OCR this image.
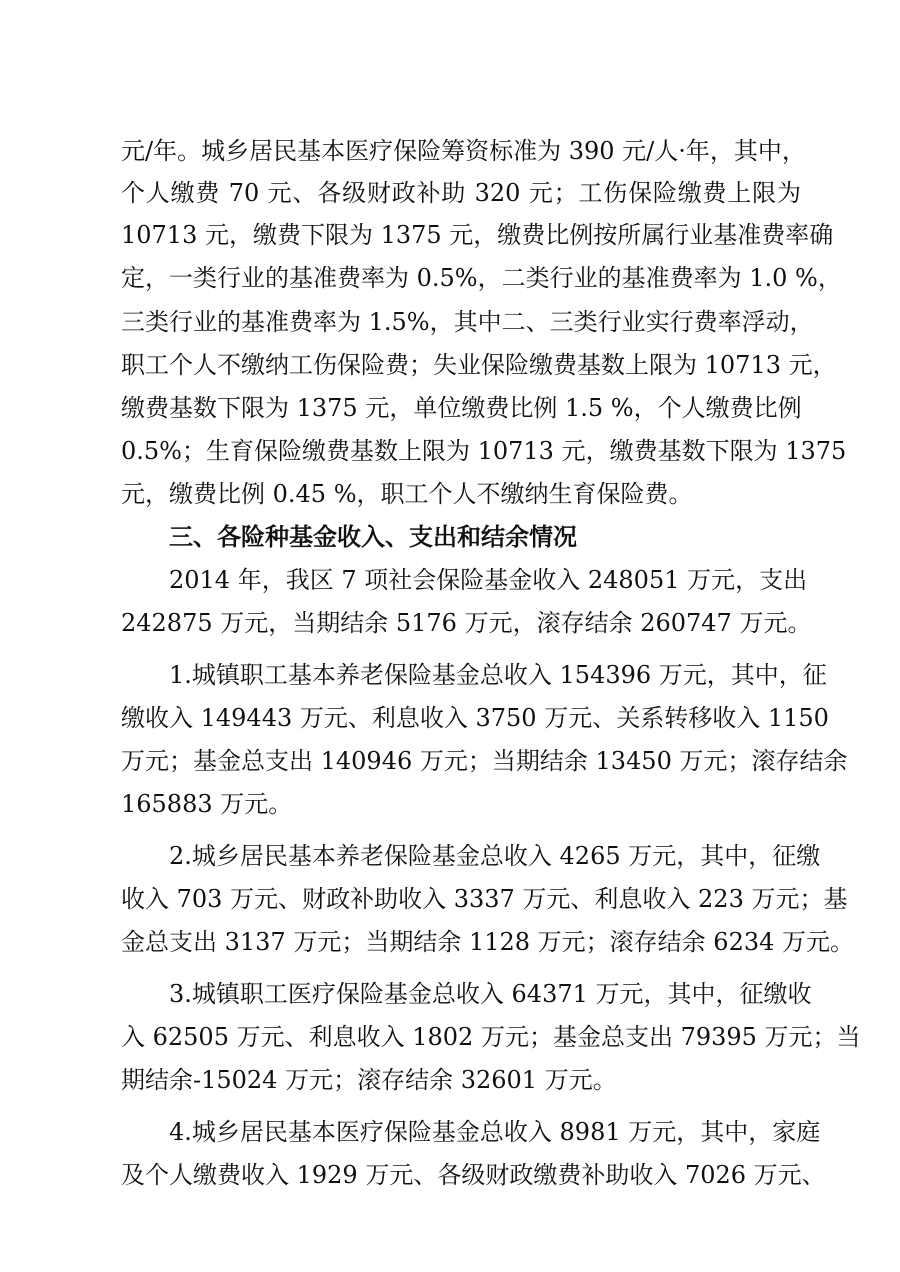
元/年。城乡居民基本医疗保险筹资标准为 390 元/人·年，其中，
个人缴费 70 元、各级财政补助 320 元；工伤保险缴费上限为
10713 元，缴费下限为 1375 元，缴费比例按所属行业基准费率确
定，一类行业的基准费率为 0.5%，二类行业的基准费率为 1.0 %，
三类行业的基准费率为 1.5%，其中二、三类行业实行费率浮动，
职工个人不缴纳工伤保险费；失业保险缴费基数上限为 10713 元，
缴费基数下限为 1375 元，单位缴费比例 1.5 %，个人缴费比例
0.5%；生育保险缴费基数上限为 10713 元，缴费基数下限为 1375
元，缴费比例 0.45 %，职工个人不缴纳生育保险费。
三、各险种基金收入、支出和结余情况
2014 年，我区 7 项社会保险基金收入 248051 万元，支出
242875 万元，当期结余 5176 万元，滚存结余 260747 万元。
1.城镇职工基本养老保险基金总收入 154396 万元，其中，征
缴收入 149443 万元、利息收入 3750 万元、关系转移收入 1150
万元；基金总支出 140946 万元；当期结余 13450 万元；滚存结余
165883 万元。
2.城乡居民基本养老保险基金总收入 4265 万元，其中，征缴
收入 703 万元、财政补助收入 3337 万元、利息收入 223 万元；基
金总支出 3137 万元；当期结余 1128 万元；滚存结余 6234 万元。
3.城镇职工医疗保险基金总收入 64371 万元，其中，征缴收
入 62505 万元、利息收入 1802 万元；基金总支出 79395 万元；当
期结余-15024 万元；滚存结余 32601 万元。
4.城乡居民基本医疗保险基金总收入 8981 万元，其中，家庭
及个人缴费收入 1929 万元、各级财政缴费补助收入 7026 万元、
